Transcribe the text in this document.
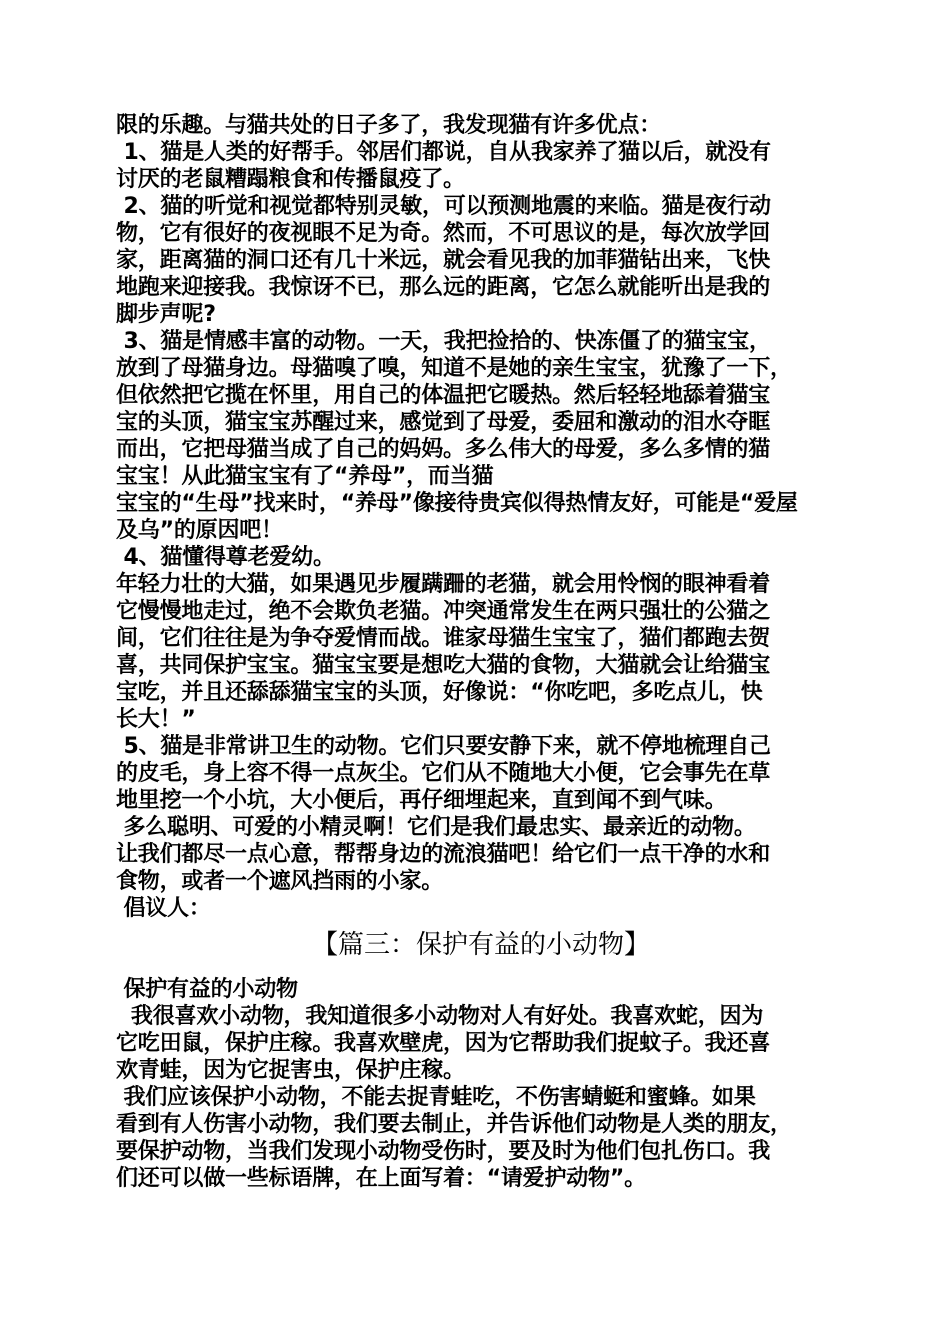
限的乐趣。与猫共处的日子多了，我发现猫有许多优点：
1、猫是人类的好帮手。邻居们都说，自从我家养了猫以后，就没有
讨厌的老鼠糟蹋粮食和传播鼠疫了。
2、猫的听觉和视觉都特别灵敏，可以预测地震的来临。猫是夜行动
物，它有很好的夜视眼不足为奇。然而，不可思议的是，每次放学回
家，距离猫的洞口还有几十米远，就会看见我的加菲猫钻出来，飞快
地跑来迎接我。我惊讶不已，那么远的距离，它怎么就能听出是我的
脚步声呢?
3、猫是情感丰富的动物。一天，我把捡拾的、快冻僵了的猫宝宝，
放到了母猫身边。母猫嗅了嗅，知道不是她的亲生宝宝，犹豫了一下，
但依然把它揽在怀里，用自己的体温把它暖热。然后轻轻地舔着猫宝
宝的头顶，猫宝宝苏醒过来，感觉到了母爱，委屈和激动的泪水夺眶
而出，它把母猫当成了自己的妈妈。多么伟大的母爱，多么多情的猫
宝宝！从此猫宝宝有了“养母”，而当猫
宝宝的“生母”找来时，“养母”像接待贵宾似得热情友好，可能是“爱屋
及乌”的原因吧！
4、猫懂得尊老爱幼。
年轻力壮的大猫，如果遇见步履蹒跚的老猫，就会用怜悯的眼神看着
它慢慢地走过，绝不会欺负老猫。冲突通常发生在两只强壮的公猫之
间，它们往往是为争夺爱情而战。谁家母猫生宝宝了，猫们都跑去贺
喜，共同保护宝宝。猫宝宝要是想吃大猫的食物，大猫就会让给猫宝
宝吃，并且还舔舔猫宝宝的头顶，好像说：“你吃吧，多吃点儿，快
长大！”
5、猫是非常讲卫生的动物。它们只要安静下来，就不停地梳理自己
的皮毛，身上容不得一点灰尘。它们从不随地大小便，它会事先在草
地里挖一个小坑，大小便后，再仔细埋起来，直到闻不到气味。
多么聪明、可爱的小精灵啊！它们是我们最忠实、最亲近的动物。
让我们都尽一点心意，帮帮身边的流浪猫吧！给它们一点干净的水和
食物，或者一个遮风挡雨的小家。
倡议人：
【篇三：保护有益的小动物】
保护有益的小动物
我很喜欢小动物，我知道很多小动物对人有好处。我喜欢蛇，因为
它吃田鼠，保护庄稼。我喜欢壁虎，因为它帮助我们捉蚊子。我还喜
欢青蛙，因为它捉害虫，保护庄稼。
我们应该保护小动物，不能去捉青蛙吃，不伤害蜻蜓和蜜蜂。如果
看到有人伤害小动物，我们要去制止，并告诉他们动物是人类的朋友，
要保护动物，当我们发现小动物受伤时，要及时为他们包扎伤口。我
们还可以做一些标语牌，在上面写着：“请爱护动物”。
